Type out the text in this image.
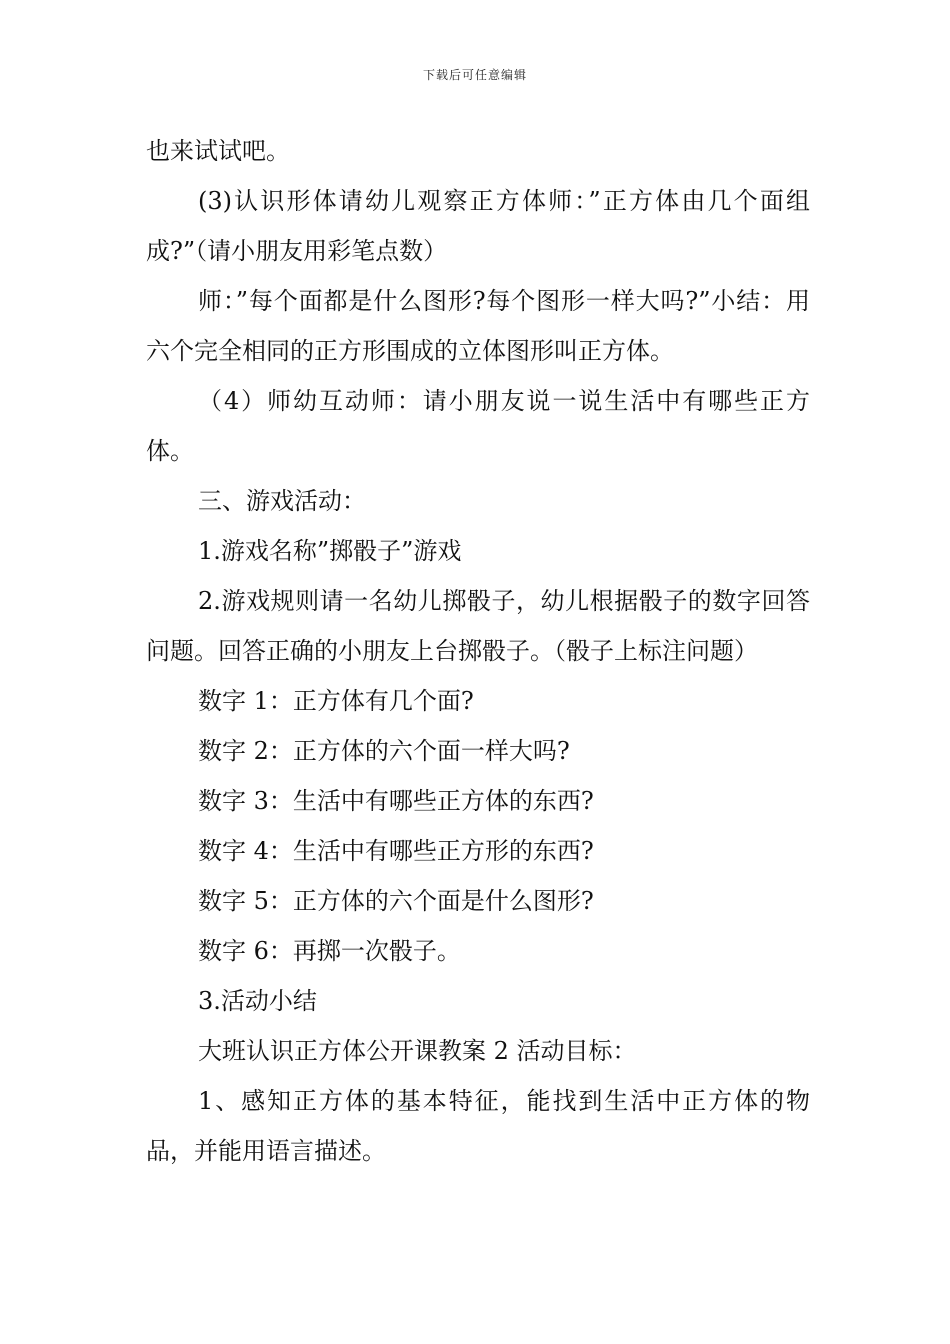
下载后可任意编辑

也来试试吧。

(3)认识形体请幼儿观察正方体师：”正方体由几个面组成?”（请小朋友用彩笔点数）

师：”每个面都是什么图形?每个图形一样大吗?”小结：用六个完全相同的正方形围成的立体图形叫正方体。

（4）师幼互动师：请小朋友说一说生活中有哪些正方体。

三、游戏活动：

1.游戏名称”掷骰子”游戏

2.游戏规则请一名幼儿掷骰子，幼儿根据骰子的数字回答问题。回答正确的小朋友上台掷骰子。（骰子上标注问题）

数字 1：正方体有几个面?

数字 2：正方体的六个面一样大吗?

数字 3：生活中有哪些正方体的东西?

数字 4：生活中有哪些正方形的东西?

数字 5：正方体的六个面是什么图形?

数字 6：再掷一次骰子。

3.活动小结

大班认识正方体公开课教案 2 活动目标：

1、感知正方体的基本特征，能找到生活中正方体的物品，并能用语言描述。
